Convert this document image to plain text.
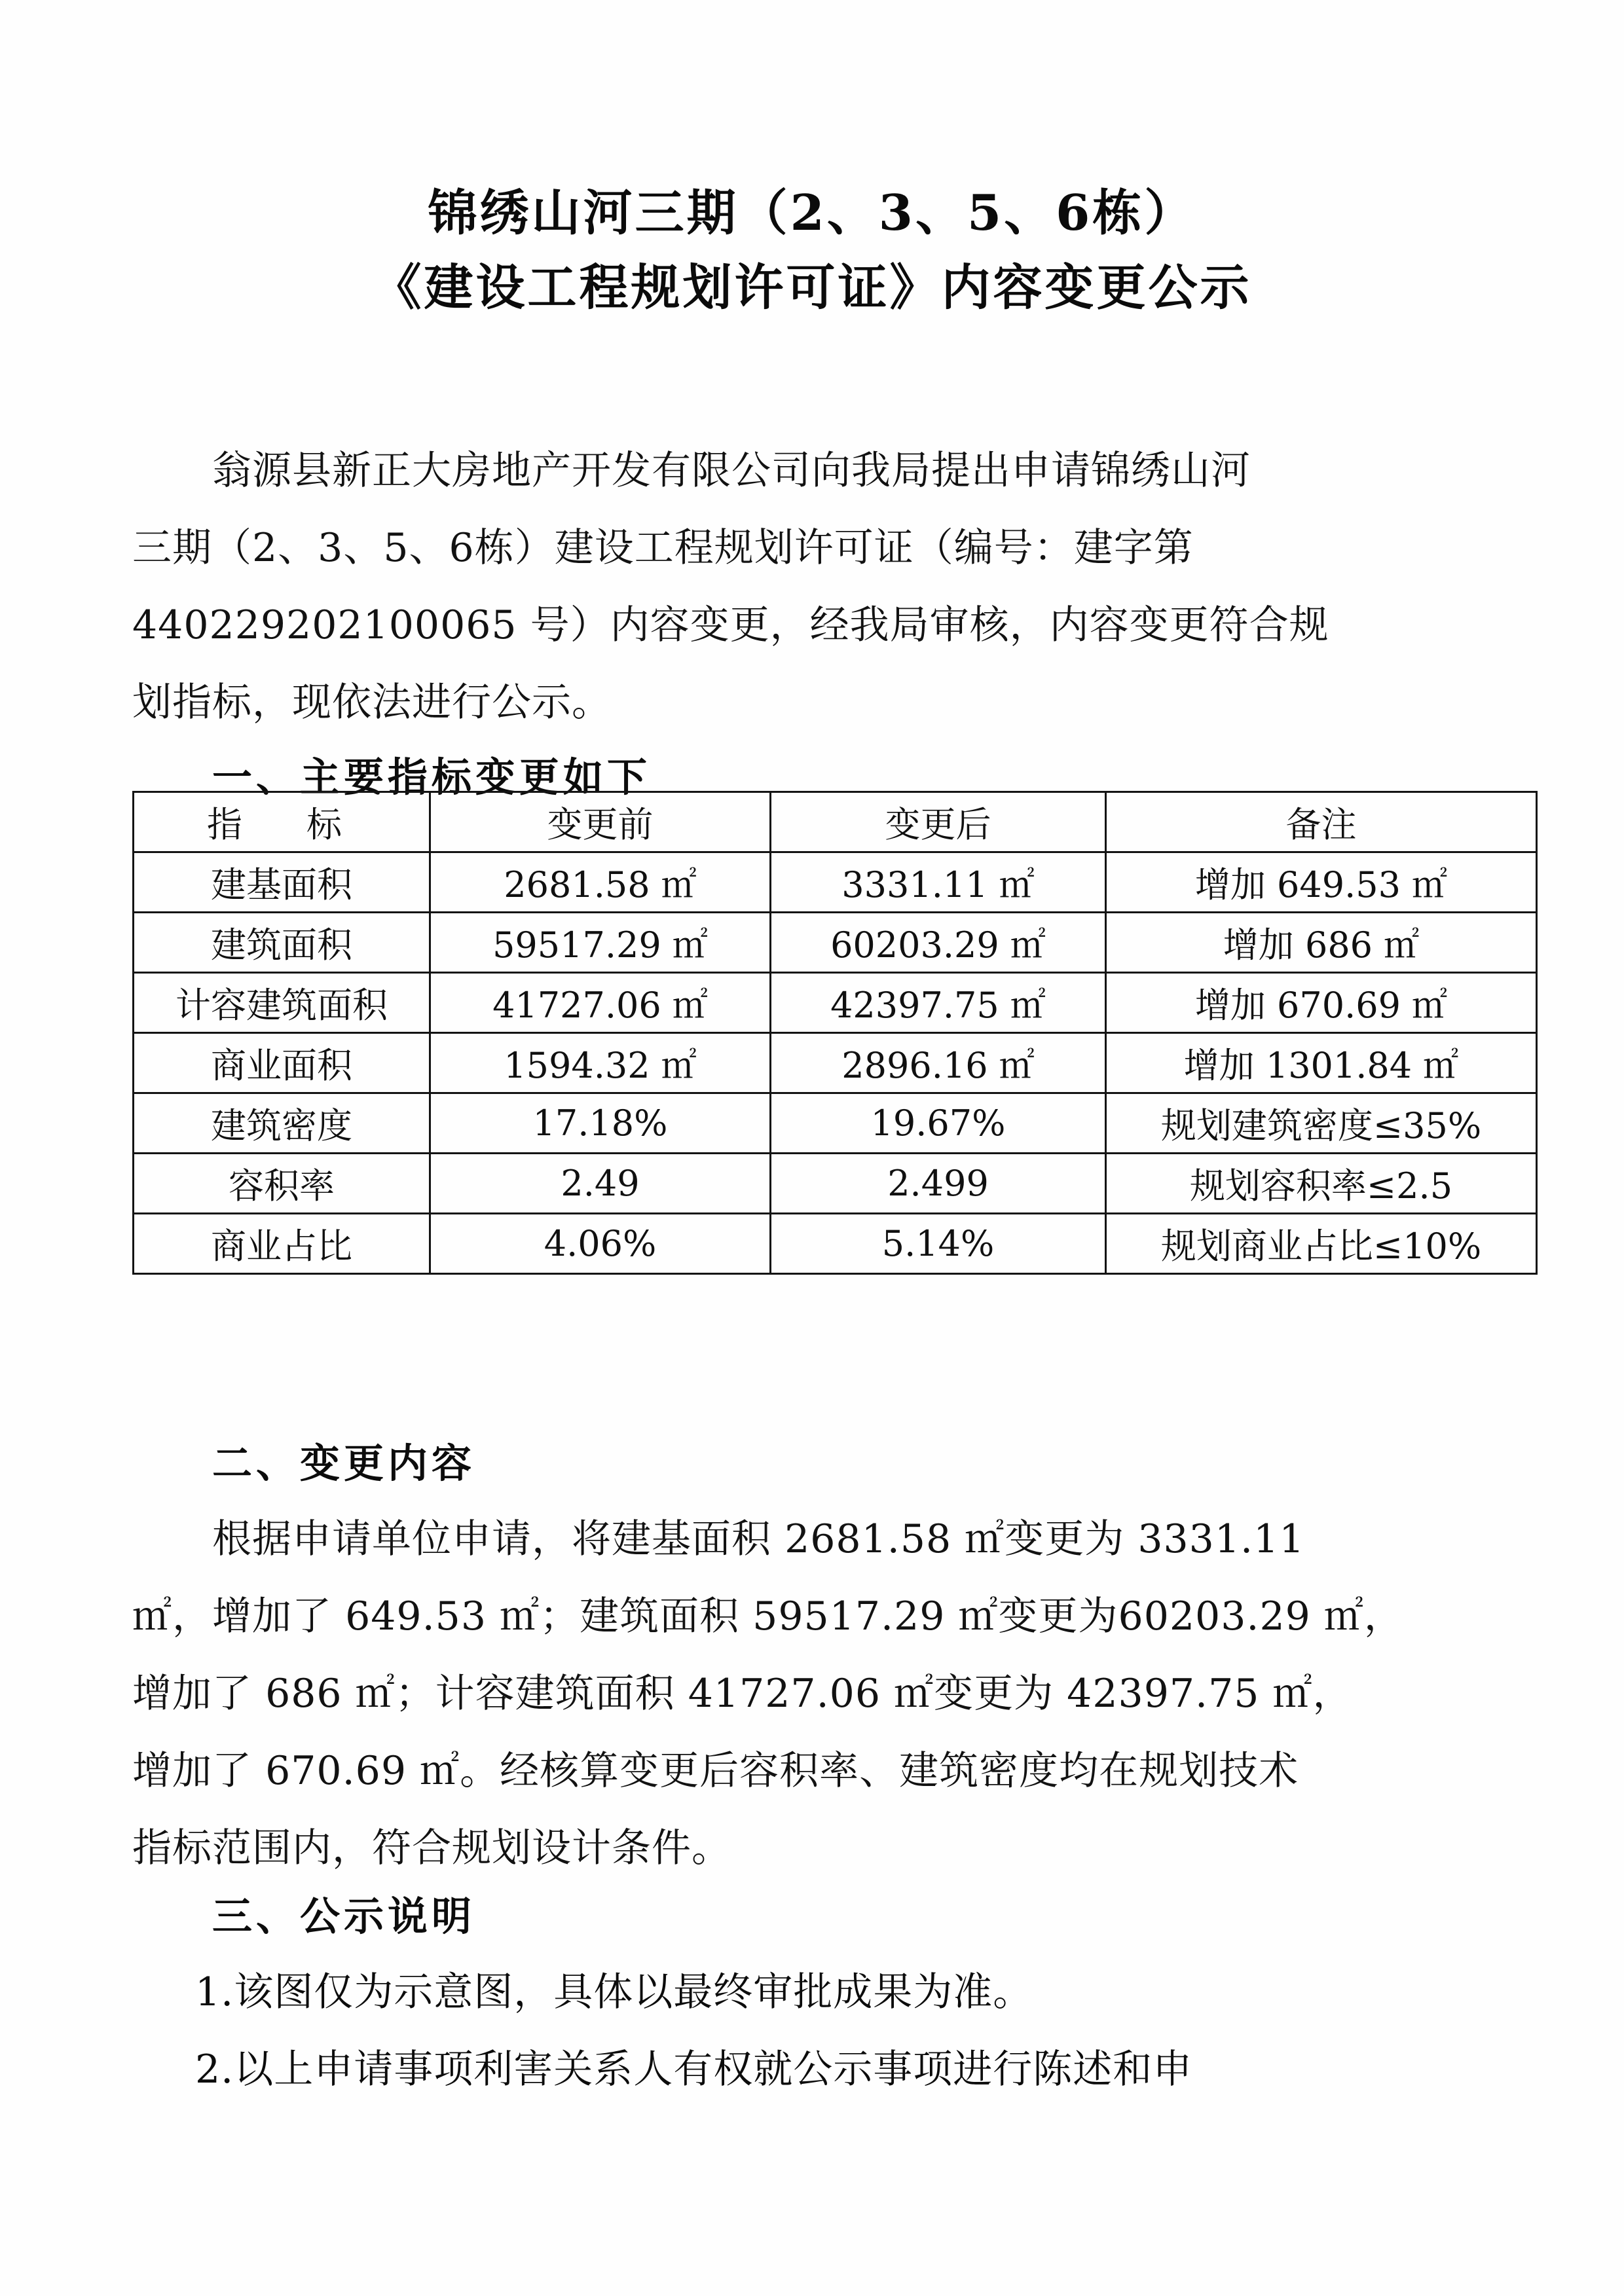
锦绣山河三期（2、3、5、6栋）
《建设工程规划许可证》内容变更公示
翁源县新正大房地产开发有限公司向我局提出申请锦绣山河
三期（2、3、5、6栋）建设工程规划许可证（编号：建字第
440229202100065 号）内容变更，经我局审核，内容变更符合规
划指标，现依法进行公示。
一、主要指标变更如下
指　标	变更前	变更后	备注
建基面积	2681.58 ㎡	3331.11 ㎡	增加 649.53 ㎡
建筑面积	59517.29 ㎡	60203.29 ㎡	增加 686 ㎡
计容建筑面积	41727.06 ㎡	42397.75 ㎡	增加 670.69 ㎡
商业面积	1594.32 ㎡	2896.16 ㎡	增加 1301.84 ㎡
建筑密度	17.18%	19.67%	规划建筑密度≤35%
容积率	2.49	2.499	规划容积率≤2.5
商业占比	4.06%	5.14%	规划商业占比≤10%
二、变更内容
根据申请单位申请，将建基面积 2681.58 ㎡变更为 3331.11
㎡，增加了 649.53 ㎡；建筑面积 59517.29 ㎡变更为60203.29 ㎡，
增加了 686 ㎡；计容建筑面积 41727.06 ㎡变更为 42397.75 ㎡，
增加了 670.69 ㎡。经核算变更后容积率、建筑密度均在规划技术
指标范围内，符合规划设计条件。
三、公示说明
1.该图仅为示意图，具体以最终审批成果为准。
2.以上申请事项利害关系人有权就公示事项进行陈述和申
